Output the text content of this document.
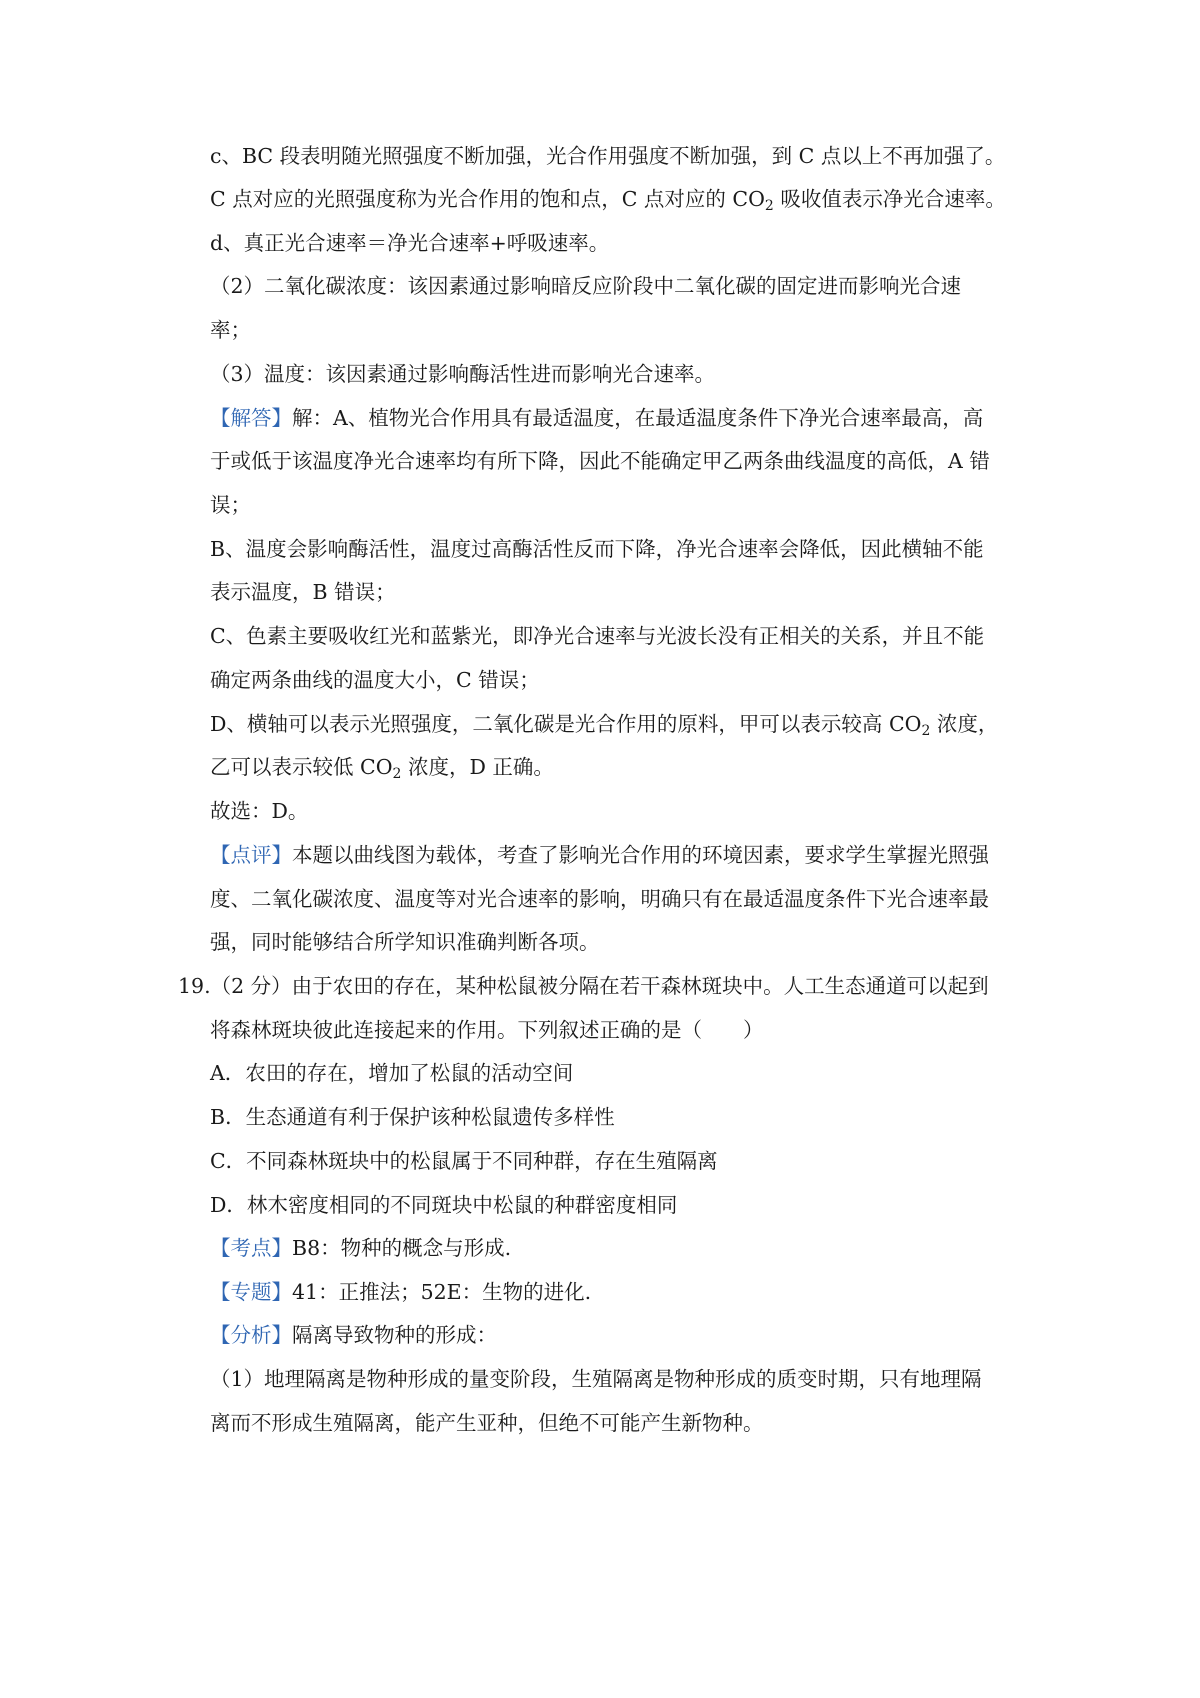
c、BC 段表明随光照强度不断加强，光合作用强度不断加强，到 C 点以上不再加强了。
C 点对应的光照强度称为光合作用的饱和点，C 点对应的 $CO_2$ 吸收值表示净光合速率。
d、真正光合速率＝净光合速率+呼吸速率。
（2）二氧化碳浓度：该因素通过影响暗反应阶段中二氧化碳的固定进而影响光合速
率；
（3）温度：该因素通过影响酶活性进而影响光合速率。
【解答】解：A、植物光合作用具有最适温度，在最适温度条件下净光合速率最高，高
于或低于该温度净光合速率均有所下降，因此不能确定甲乙两条曲线温度的高低，A 错
误；
B、温度会影响酶活性，温度过高酶活性反而下降，净光合速率会降低，因此横轴不能
表示温度，B 错误；
C、色素主要吸收红光和蓝紫光，即净光合速率与光波长没有正相关的关系，并且不能
确定两条曲线的温度大小，C 错误；
D、横轴可以表示光照强度，二氧化碳是光合作用的原料，甲可以表示较高 $CO_2$ 浓度，
乙可以表示较低 $CO_2$ 浓度，D 正确。
故选：D。
【点评】本题以曲线图为载体，考查了影响光合作用的环境因素，要求学生掌握光照强
度、二氧化碳浓度、温度等对光合速率的影响，明确只有在最适温度条件下光合速率最
强，同时能够结合所学知识准确判断各项。
19.（2 分）由于农田的存在，某种松鼠被分隔在若干森林斑块中。人工生态通道可以起到
将森林斑块彼此连接起来的作用。下列叙述正确的是（　　）
A．农田的存在，增加了松鼠的活动空间
B．生态通道有利于保护该种松鼠遗传多样性
C．不同森林斑块中的松鼠属于不同种群，存在生殖隔离
D．林木密度相同的不同斑块中松鼠的种群密度相同
【考点】B8：物种的概念与形成.
【专题】41：正推法；52E：生物的进化.
【分析】隔离导致物种的形成：
（1）地理隔离是物种形成的量变阶段，生殖隔离是物种形成的质变时期，只有地理隔
离而不形成生殖隔离，能产生亚种，但绝不可能产生新物种。
